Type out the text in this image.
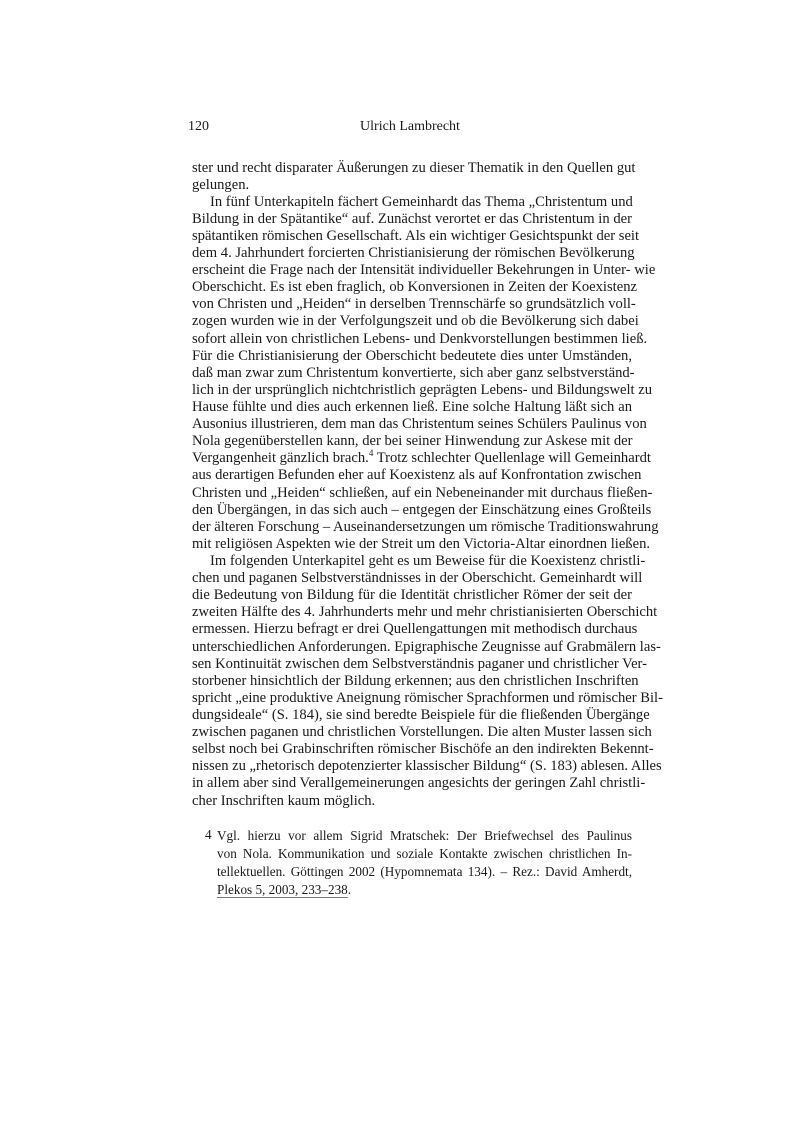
120	Ulrich Lambrecht
ster und recht disparater Äußerungen zu dieser Thematik in den Quellen gut
gelungen.
In fünf Unterkapiteln fächert Gemeinhardt das Thema „Christentum und
Bildung in der Spätantike“ auf. Zunächst verortet er das Christentum in der
spätantiken römischen Gesellschaft. Als ein wichtiger Gesichtspunkt der seit
dem 4. Jahrhundert forcierten Christianisierung der römischen Bevölkerung
erscheint die Frage nach der Intensität individueller Bekehrungen in Unter- wie
Oberschicht. Es ist eben fraglich, ob Konversionen in Zeiten der Koexistenz
von Christen und „Heiden“ in derselben Trennschärfe so grundsätzlich voll-
zogen wurden wie in der Verfolgungszeit und ob die Bevölkerung sich dabei
sofort allein von christlichen Lebens- und Denkvorstellungen bestimmen ließ.
Für die Christianisierung der Oberschicht bedeutete dies unter Umständen,
daß man zwar zum Christentum konvertierte, sich aber ganz selbstverständ-
lich in der ursprünglich nichtchristlich geprägten Lebens- und Bildungswelt zu
Hause fühlte und dies auch erkennen ließ. Eine solche Haltung läßt sich an
Ausonius illustrieren, dem man das Christentum seines Schülers Paulinus von
Nola gegenüberstellen kann, der bei seiner Hinwendung zur Askese mit der
Vergangenheit gänzlich brach.$^4$ Trotz schlechter Quellenlage will Gemeinhardt
aus derartigen Befunden eher auf Koexistenz als auf Konfrontation zwischen
Christen und „Heiden“ schließen, auf ein Nebeneinander mit durchaus fließen-
den Übergängen, in das sich auch – entgegen der Einschätzung eines Großteils
der älteren Forschung – Auseinandersetzungen um römische Traditionswahrung
mit religiösen Aspekten wie der Streit um den Victoria-Altar einordnen ließen.
Im folgenden Unterkapitel geht es um Beweise für die Koexistenz christli-
chen und paganen Selbstverständnisses in der Oberschicht. Gemeinhardt will
die Bedeutung von Bildung für die Identität christlicher Römer der seit der
zweiten Hälfte des 4. Jahrhunderts mehr und mehr christianisierten Oberschicht
ermessen. Hierzu befragt er drei Quellengattungen mit methodisch durchaus
unterschiedlichen Anforderungen. Epigraphische Zeugnisse auf Grabmälern las-
sen Kontinuität zwischen dem Selbstverständnis paganer und christlicher Ver-
storbener hinsichtlich der Bildung erkennen; aus den christlichen Inschriften
spricht „eine produktive Aneignung römischer Sprachformen und römischer Bil-
dungsideale“ (S. 184), sie sind beredte Beispiele für die fließenden Übergänge
zwischen paganen und christlichen Vorstellungen. Die alten Muster lassen sich
selbst noch bei Grabinschriften römischer Bischöfe an den indirekten Bekennt-
nissen zu „rhetorisch depotenzierter klassischer Bildung“ (S. 183) ablesen. Alles
in allem aber sind Verallgemeinerungen angesichts der geringen Zahl christli-
cher Inschriften kaum möglich.
4 Vgl. hierzu vor allem Sigrid Mratschek: Der Briefwechsel des Paulinus
von Nola. Kommunikation und soziale Kontakte zwischen christlichen In-
tellektuellen. Göttingen 2002 (Hypomnemata 134). – Rez.: David Amherdt,
Plekos 5, 2003, 233–238.
